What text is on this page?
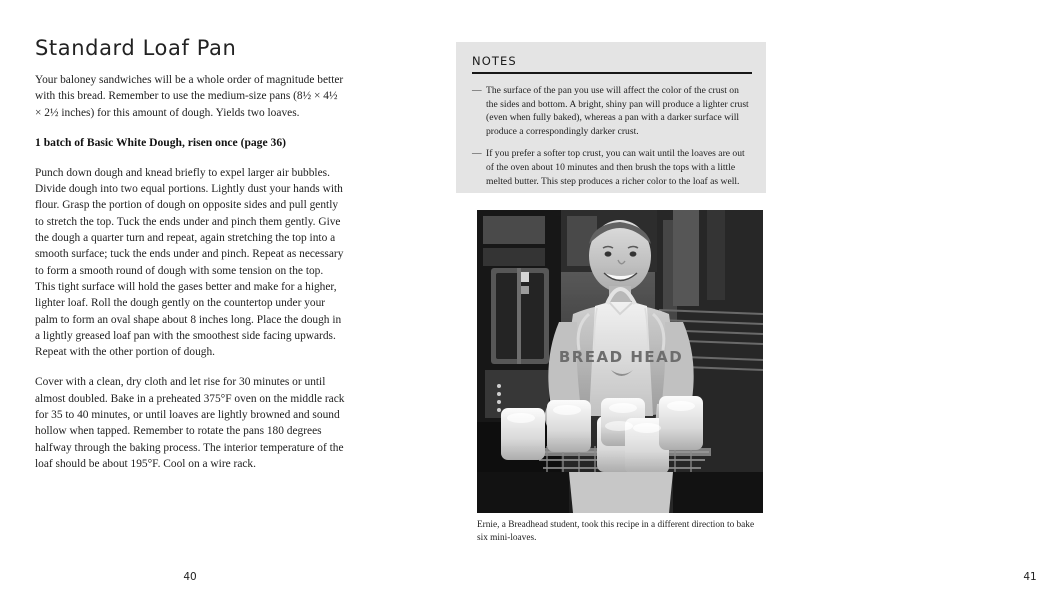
Standard Loaf Pan

Your baloney sandwiches will be a whole order of magnitude better with this bread. Remember to use the medium-size pans (8½ × 4½ × 2½ inches) for this amount of dough. Yields two loaves.

1 batch of Basic White Dough, risen once (page 36)

Punch down dough and knead briefly to expel larger air bubbles. Divide dough into two equal portions. Lightly dust your hands with flour. Grasp the portion of dough on opposite sides and pull gently to stretch the top. Tuck the ends under and pinch them gently. Give the dough a quarter turn and repeat, again stretching the top into a smooth surface; tuck the ends under and pinch. Repeat as necessary to form a smooth round of dough with some tension on the top. This tight surface will hold the gases better and make for a higher, lighter loaf. Roll the dough gently on the countertop under your palm to form an oval shape about 8 inches long. Place the dough in a lightly greased loaf pan with the smoothest side facing upwards. Repeat with the other portion of dough.

Cover with a clean, dry cloth and let rise for 30 minutes or until almost doubled. Bake in a preheated 375°F oven on the middle rack for 35 to 40 minutes, or until loaves are lightly browned and sound hollow when tapped. Remember to rotate the pans 180 degrees halfway through the baking process. The interior temperature of the loaf should be about 195°F. Cool on a wire rack.

40
NOTES
— The surface of the pan you use will affect the color of the crust on the sides and bottom. A bright, shiny pan will produce a lighter crust (even when fully baked), whereas a pan with a darker surface will produce a correspondingly darker crust.
— If you prefer a softer top crust, you can wait until the loaves are out of the oven about 10 minutes and then brush the tops with a little melted butter. This step produces a richer color to the loaf as well.
BREAD HEAD
Ernie, a Breadhead student, took this recipe in a different direction to bake six mini-loaves.
41
